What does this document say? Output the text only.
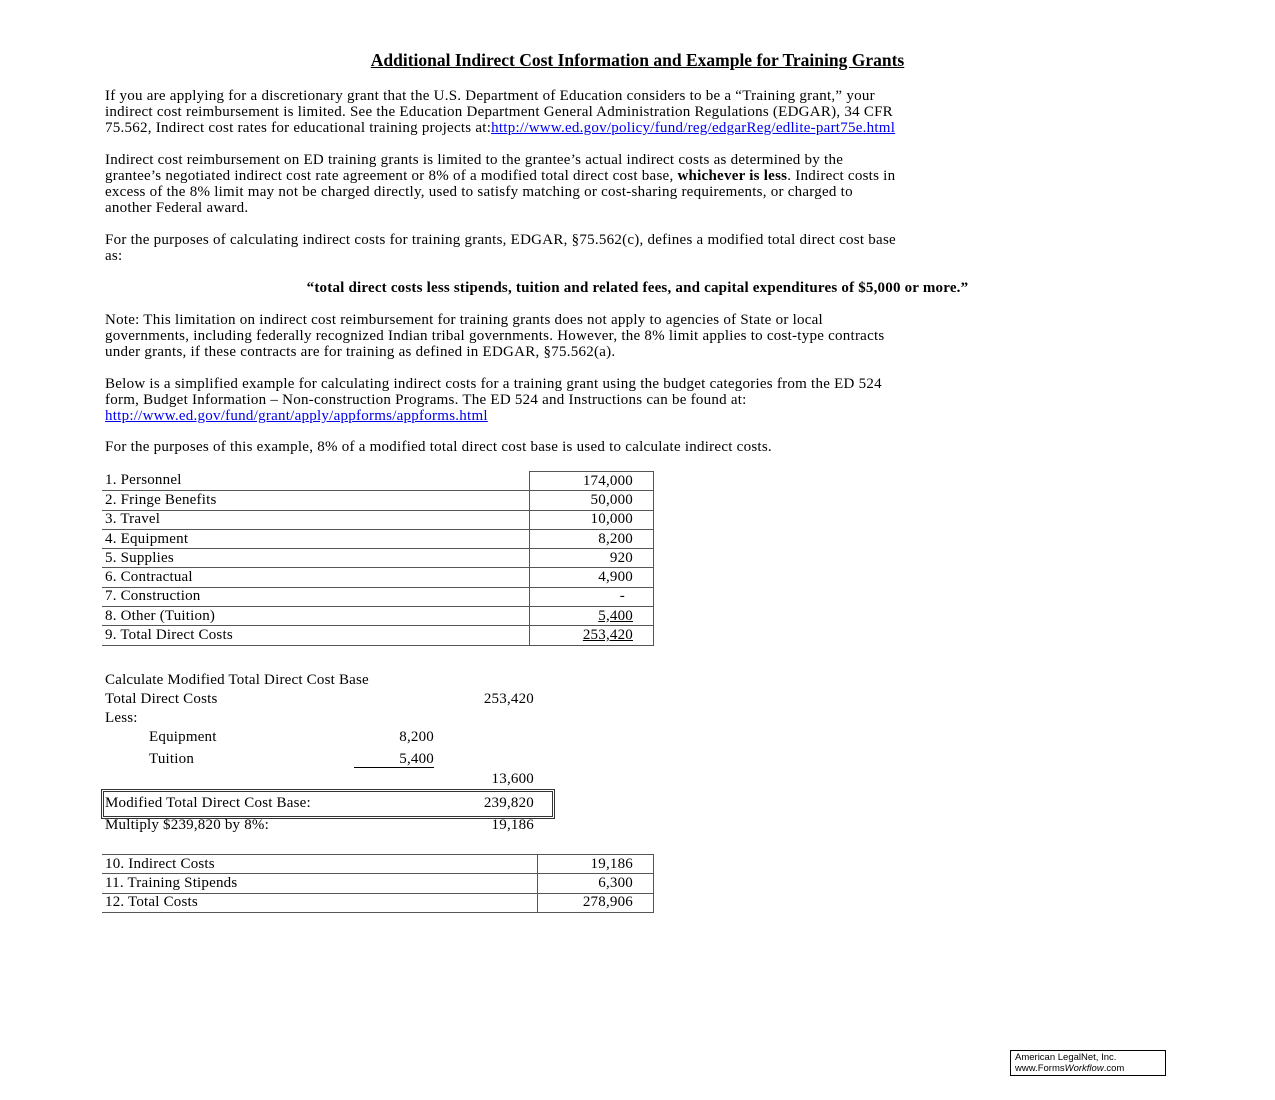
Additional Indirect Cost Information and Example for Training Grants
If you are applying for a discretionary grant that the U.S. Department of Education considers to be a “Training grant,” your
indirect cost reimbursement is limited. See the Education Department General Administration Regulations (EDGAR), 34 CFR
75.562, Indirect cost rates for educational training projects at:http://www.ed.gov/policy/fund/reg/edgarReg/edlite-part75e.html
Indirect cost reimbursement on ED training grants is limited to the grantee’s actual indirect costs as determined by the
grantee’s negotiated indirect cost rate agreement or 8% of a modified total direct cost base, whichever is less. Indirect costs in
excess of the 8% limit may not be charged directly, used to satisfy matching or cost-sharing requirements, or charged to
another Federal award.
For the purposes of calculating indirect costs for training grants, EDGAR, §75.562(c), defines a modified total direct cost base
as:
“total direct costs less stipends, tuition and related fees, and capital expenditures of $5,000 or more.”
Note: This limitation on indirect cost reimbursement for training grants does not apply to agencies of State or local
governments, including federally recognized Indian tribal governments. However, the 8% limit applies to cost-type contracts
under grants, if these contracts are for training as defined in EDGAR, §75.562(a).
Below is a simplified example for calculating indirect costs for a training grant using the budget categories from the ED 524
form, Budget Information – Non-construction Programs. The ED 524 and Instructions can be found at:
http://www.ed.gov/fund/grant/apply/appforms/appforms.html
For the purposes of this example, 8% of a modified total direct cost base is used to calculate indirect costs.
1. Personnel	174,000
2. Fringe Benefits	50,000
3. Travel	10,000
4. Equipment	8,200
5. Supplies	920
6. Contractual	4,900
7. Construction	-
8. Other (Tuition)	5,400
9. Total Direct Costs	253,420
Calculate Modified Total Direct Cost Base
Total Direct Costs	253,420
Less:
Equipment	8,200
Tuition	5,400
13,600
Modified Total Direct Cost Base:	239,820
Multiply $239,820 by 8%:	19,186
10. Indirect Costs	19,186
11. Training Stipends	6,300
12. Total Costs	278,906
American LegalNet, Inc.
www.FormsWorkflow.com
